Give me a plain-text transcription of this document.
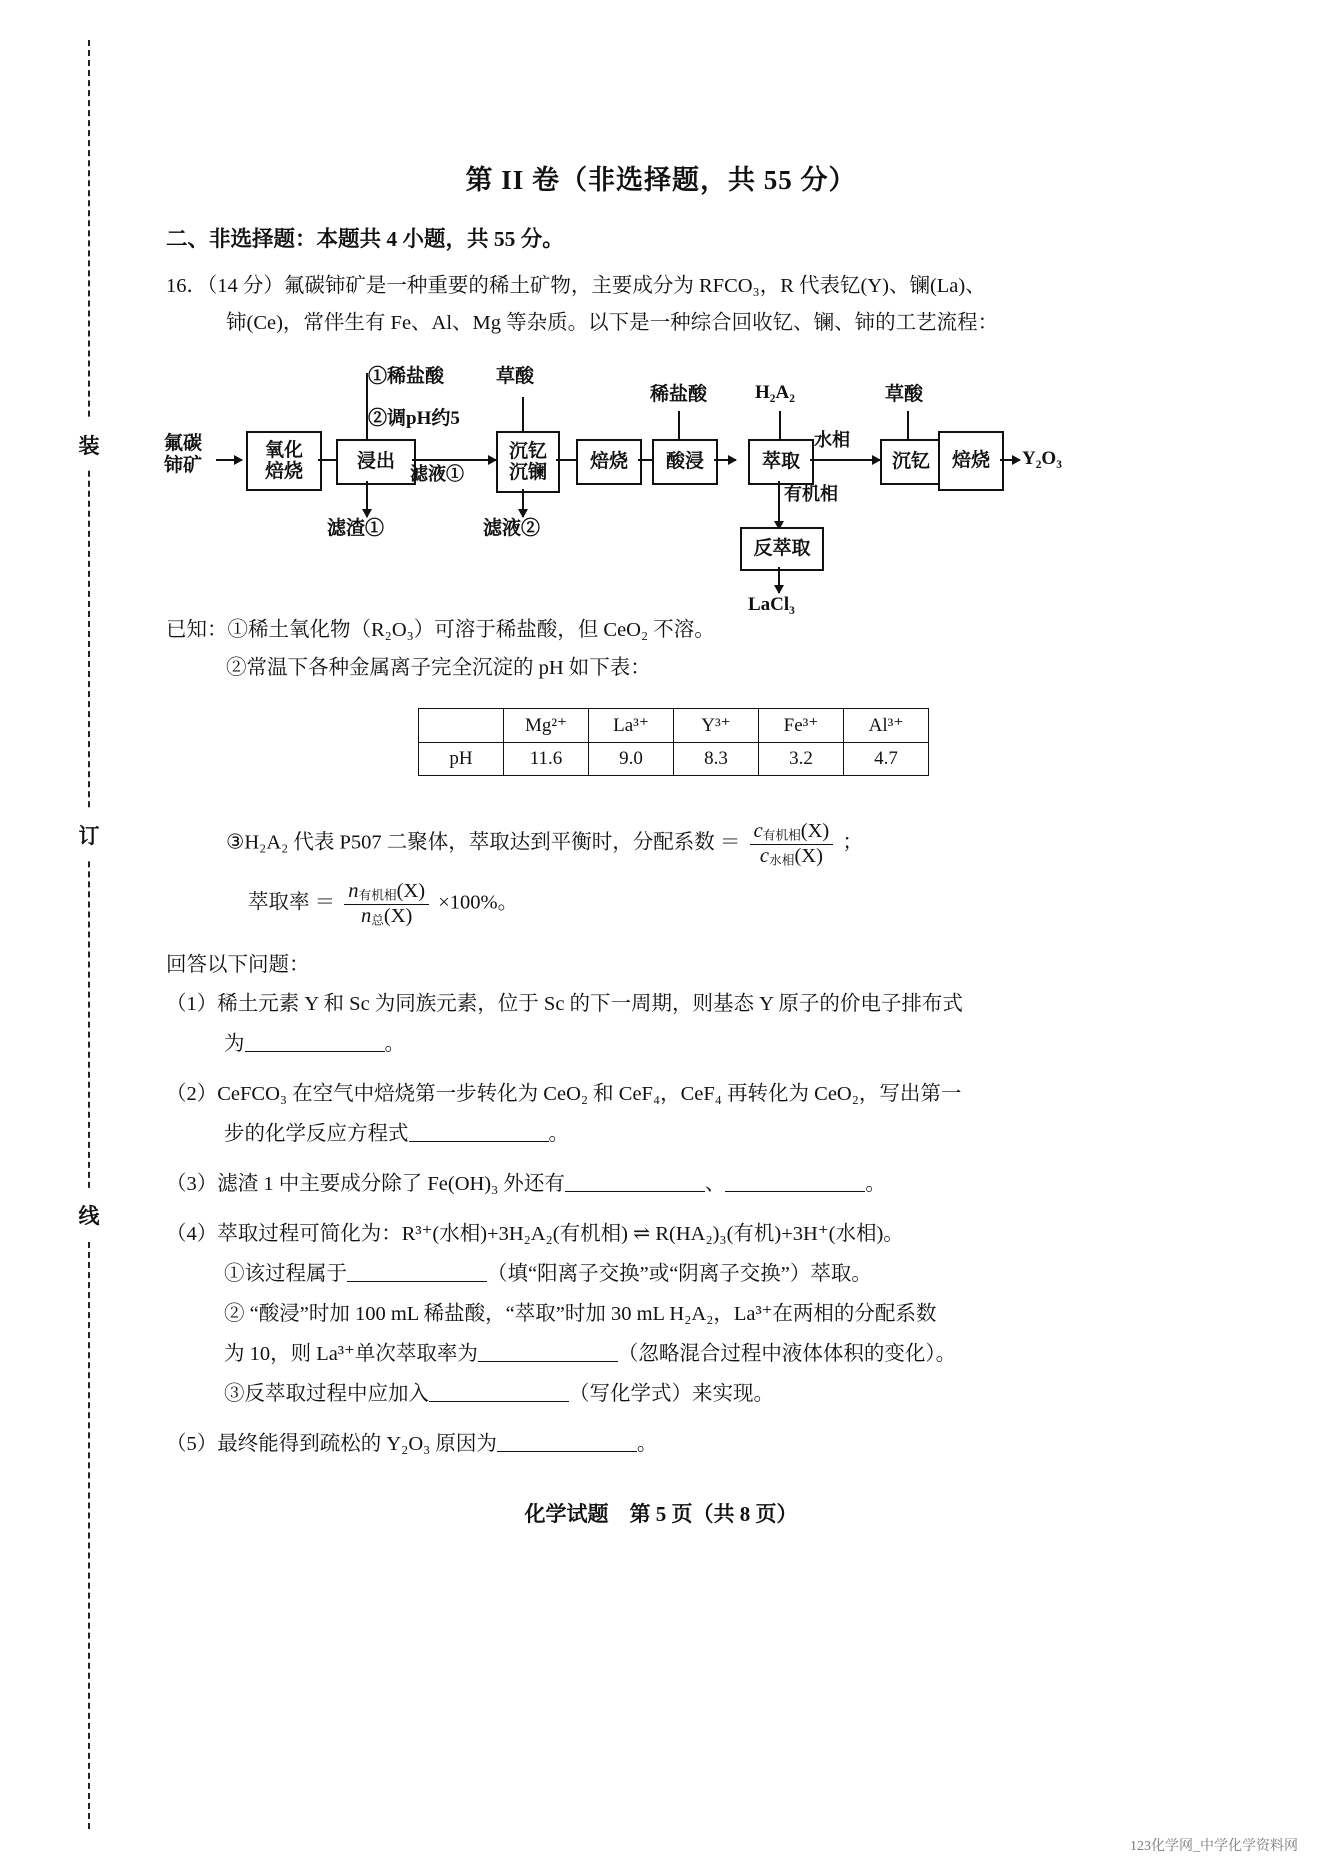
装
订
线
第 II 卷（非选择题，共 55 分）
二、非选择题：本题共 4 小题，共 55 分。
16．（14 分）氟碳铈矿是一种重要的稀土矿物，主要成分为 RFCO₃，R 代表钇(Y)、镧(La)、
铈(Ce)，常伴生有 Fe、Al、Mg 等杂质。以下是一种综合回收钇、镧、铈的工艺流程：
①稀盐酸
②调pH约5
草酸
稀盐酸	H₂A₂	草酸
氟碳
铈矿
氧化
焙烧	浸出
滤渣①
滤液①
沉钇
沉镧
滤液②
焙烧 酸浸	萃取
水相
有机相
反萃取
LaCl₃
沉钇 焙烧 Y₂O₃
已知：①稀土氧化物（R₂O₃）可溶于稀盐酸，但 CeO₂ 不溶。
②常温下各种金属离子完全沉淀的 pH 如下表：
	Mg²⁺	La³⁺	Y³⁺	Fe³⁺	Al³⁺
pH	11.6	9.0	8.3	3.2	4.7
③H₂A₂ 代表 P507 二聚体，萃取达到平衡时，分配系数 ＝ $\frac{\text{c有机相(X)}}{\text{c水相(X)}}$ ；
萃取率 ＝ $\frac{\text{n有机相(X)}}{\text{n总(X)}} \times 100\%$。
回答以下问题：
（1）稀土元素 Y 和 Sc 为同族元素，位于 Sc 的下一周期，则基态 Y 原子的价电子排布式
为	。
（2）CeFCO₃ 在空气中焙烧第一步转化为 CeO₂ 和 CeF₄，CeF₄ 再转化为 CeO₂，写出第一
步的化学反应方程式	。
（3）滤渣 1 中主要成分除了 Fe(OH)₃ 外还有	、	。
（4）萃取过程可简化为：R³⁺(水相)+3H₂A₂(有机相) ⇌ R(HA₂)₃(有机)+3H⁺(水相)。
①该过程属于	（填“阳离子交换”或“阴离子交换”）萃取。
② “酸浸”时加 100 mL 稀盐酸，“萃取”时加 30 mL H₂A₂，La³⁺在两相的分配系数
为 10，则 La³⁺单次萃取率为	（忽略混合过程中液体体积的变化）。
③反萃取过程中应加入	（写化学式）来实现。
（5）最终能得到疏松的 Y₂O₃ 原因为	。
化学试题　第 5 页（共 8 页）
123化学网_中学化学资料网
